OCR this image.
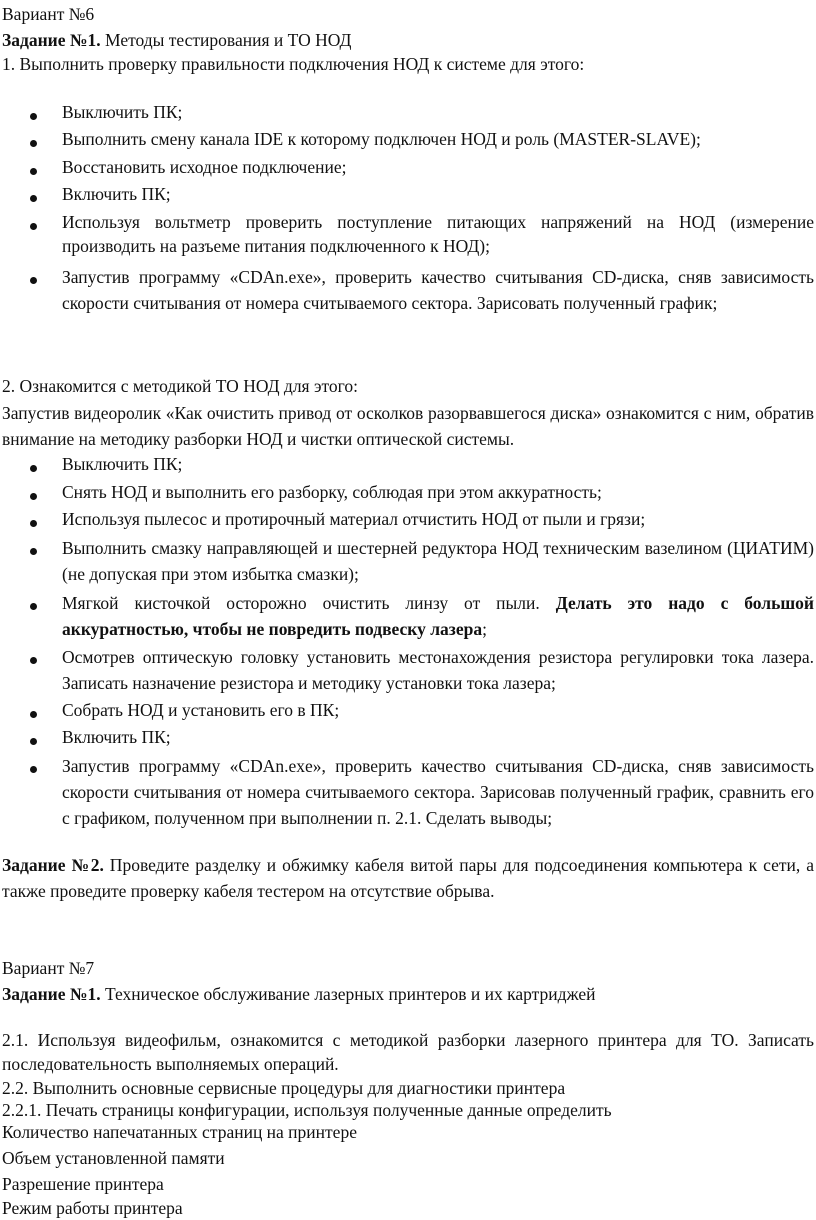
Вариант №6

Задание №1. Методы тестирования и ТО НОД

1. Выполнить проверку правильности подключения НОД к системе для этого:

Выключить ПК;

Выполнить смену канала IDE к которому подключен НОД и роль (MASTER-SLAVE);

Восстановить исходное подключение;

Включить ПК;

Используя вольтметр проверить поступление питающих напряжений на НОД (измерение производить на разъеме питания подключенного к НОД);

Запустив программу «CDAn.exe», проверить качество считывания CD-диска, сняв зависимость скорости считывания от номера считываемого сектора. Зарисовать полученный график;

2. Ознакомится с методикой ТО НОД для этого:

Запустив видеоролик «Как очистить привод от осколков разорвавшегося диска» ознакомится с ним, обратив внимание на методику разборки НОД и чистки оптической системы.

Выключить ПК;

Снять НОД и выполнить его разборку, соблюдая при этом аккуратность;

Используя пылесос и протирочный материал отчистить НОД от пыли и грязи;

Выполнить смазку направляющей и шестерней редуктора НОД техническим вазелином (ЦИАТИМ) (не допуская при этом избытка смазки);

Мягкой кисточкой осторожно очистить линзу от пыли. Делать это надо с большой аккуратностью, чтобы не повредить подвеску лазера;

Осмотрев оптическую головку установить местонахождения резистора регулировки тока лазера. Записать назначение резистора и методику установки тока лазера;

Собрать НОД и установить его в ПК;

Включить ПК;

Запустив программу «CDAn.exe», проверить качество считывания CD-диска, сняв зависимость скорости считывания от номера считываемого сектора. Зарисовав полученный график, сравнить его с графиком, полученном при выполнении п. 2.1. Сделать выводы;

Задание №2. Проведите разделку и обжимку кабеля витой пары для подсоединения компьютера к сети, а также проведите проверку кабеля тестером на отсутствие обрыва.

Вариант №7

Задание №1. Техническое обслуживание лазерных принтеров и их картриджей

2.1. Используя видеофильм, ознакомится с методикой разборки лазерного принтера для ТО. Записать последовательность выполняемых операций.

2.2. Выполнить основные сервисные процедуры для диагностики принтера

2.2.1. Печать страницы конфигурации, используя полученные данные определить

Количество напечатанных страниц на принтере

Объем установленной памяти

Разрешение принтера

Режим работы принтера
